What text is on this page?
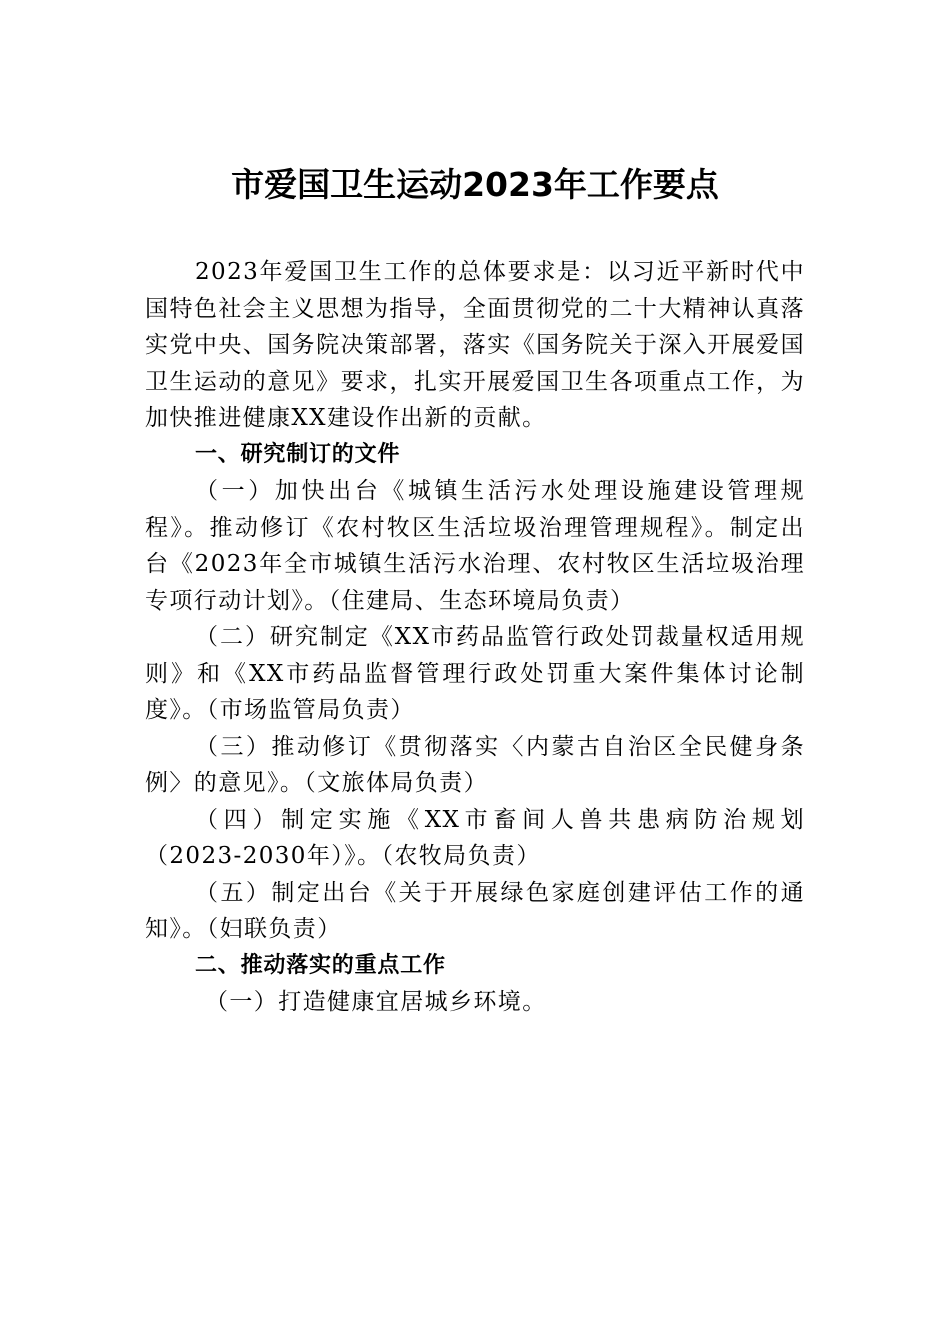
市爱国卫生运动2023年工作要点

2023年爱国卫生工作的总体要求是：以习近平新时代中国特色社会主义思想为指导，全面贯彻党的二十大精神认真落实党中央、国务院决策部署，落实《国务院关于深入开展爱国卫生运动的意见》要求，扎实开展爱国卫生各项重点工作，为加快推进健康XX建设作出新的贡献。

一、研究制订的文件

（一）加快出台《城镇生活污水处理设施建设管理规程》。推动修订《农村牧区生活垃圾治理管理规程》。制定出台《2023年全市城镇生活污水治理、农村牧区生活垃圾治理专项行动计划》。（住建局、生态环境局负责）

（二）研究制定《XX市药品监管行政处罚裁量权适用规则》和《XX市药品监督管理行政处罚重大案件集体讨论制度》。（市场监管局负责）

（三）推动修订《贯彻落实〈内蒙古自治区全民健身条例〉的意见》。（文旅体局负责）

（四）制定实施《XX市畜间人兽共患病防治规划（2023-2030年）》。（农牧局负责）

（五）制定出台《关于开展绿色家庭创建评估工作的通知》。（妇联负责）

二、推动落实的重点工作

（一）打造健康宜居城乡环境。
